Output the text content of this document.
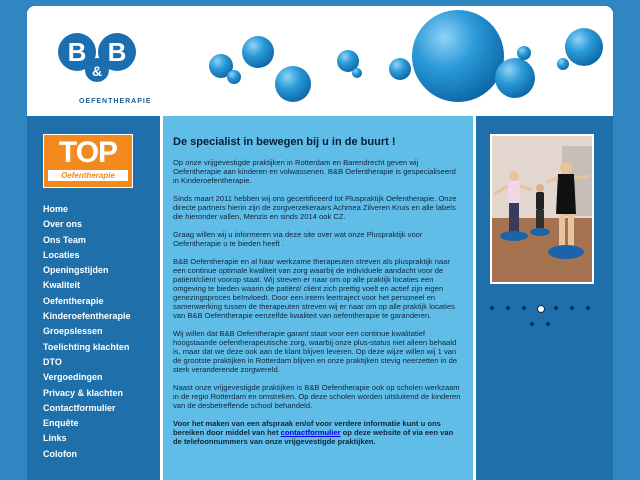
B B
&
OEFENTHERAPIE
TOP
Oefentherapie
Home
Over ons
Ons Team
Locaties
Openingstijden
Kwaliteit
Oefentherapie
Kinderoefentherapie
Groepslessen
Toelichting klachten
DTO
Vergoedingen
Privacy & klachten
Contactformulier
Enquête
Links
Colofon
De specialist in bewegen bij u in de buurt !

Op onze vrijgevestigde praktijken in Rotterdam en Barendrecht geven wij Oefentherapie aan kinderen en volwassenen. B&B Oefentherapie is gespecialiseerd in Kinderoefentherapie.

Sinds maart 2011 hebben wij ons gecertificeerd tot Pluspraktijk Oefentherapie. Onze directe partners hierin zijn de zorgverzekeraars Achmea Zilveren Kruis en alle labels die hieronder vallen, Menzis en sinds 2014 ook CZ.

Graag willen wij u informeren via deze site over wat onze Pluspraktijk voor Oefentherapie u te bieden heeft .

B&B Oefentherapie en al haar werkzame therapeuten streven als pluspraktijk naar een continue optimale kwaliteit van zorg waarbij de individuele aandacht voor de patiënt/cliënt voorop staat. Wij streven er naar om op alle praktijk locaties een omgeving te bieden waarin de patiënt/ cliënt zich prettig voelt en actief zijn eigen genezingsproces beïnvloedt. Door een intern leertraject voor het personeel en samenwerking tussen de therapeuten streven wij er naar om op alle praktijk locaties van B&B Oefentherapie eenzelfde kwaliteit van oefentherapie te garanderen.

Wij willen dat B&B Oefentherapie garant staat voor een continue kwalitatief hoogstaande oefentherapeutische zorg, waarbij onze plus-status niet alleen behaald is, maar dat we deze ook aan de klant blijven leveren. Op deze wijze willen wij 1 van de grootste praktijken in Rotterdam blijven en onze praktijken stevig neerzetten in de sterk veranderende zorgwereld.

Naast onze vrijgevestigde praktijken is B&B Oefentherapie ook op scholen werkzaam in de regio Rotterdam en omstreken. Op deze scholen worden uitsluitend de kinderen van de desbetreffende school behandeld.

Voor het maken van een afspraak en/of voor verdere informatie kunt u ons bereiken door middel van het contactformulier op deze website of via een van de telefoonnummers van onze vrijgevestigde praktijken.
